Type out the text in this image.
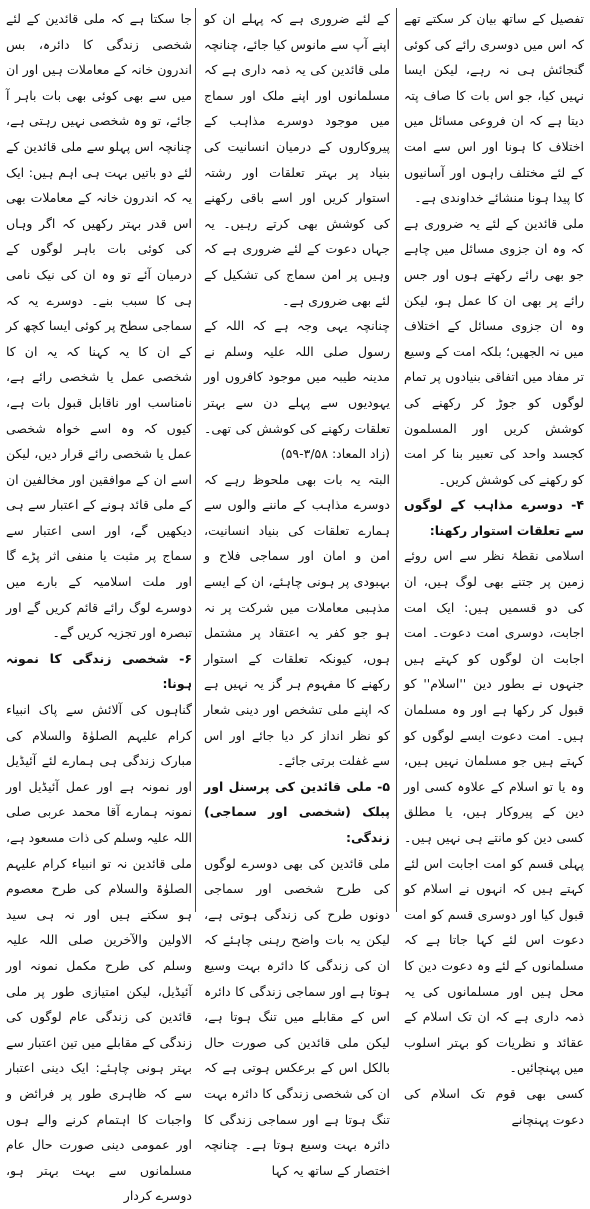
تفصیل کے ساتھ بیان کر سکتے تھے کہ اس میں دوسری رائے کی کوئی گنجائش ہی نہ رہے، لیکن ایسا نہیں کیا، جو اس بات کا صاف پتہ دیتا ہے کہ ان فروعی مسائل میں اختلاف کا ہونا اور اس سے امت کے لئے مختلف راہوں اور آسانیوں کا پیدا ہونا منشائے خداوندی ہے۔

ملی قائدین کے لئے یہ ضروری ہے کہ وہ ان جزوی مسائل میں چاہے جو بھی رائے رکھتے ہوں اور جس رائے پر بھی ان کا عمل ہو، لیکن وہ ان جزوی مسائل کے اختلاف میں نہ الجھیں؛ بلکہ امت کے وسیع تر مفاد میں اتفاقی بنیادوں پر تمام لوگوں کو جوڑ کر رکھنے کی کوشش کریں اور المسلمون کجسد واحد کی تعبیر بنا کر امت کو رکھنے کی کوشش کریں۔

۴- دوسرے مذاہب کے لوگوں سے تعلقات استوار رکھنا:

اسلامی نقطۂ نظر سے اس روئے زمین پر جتنے بھی لوگ ہیں، ان کی دو قسمیں ہیں: ایک امت اجابت، دوسری امت دعوت۔ امت اجابت ان لوگوں کو کہتے ہیں جنہوں نے بطور دین ''اسلام'' کو قبول کر رکھا ہے اور وہ مسلمان ہیں۔ امت دعوت ایسے لوگوں کو کہتے ہیں جو مسلمان نہیں ہیں، وہ یا تو اسلام کے علاوہ کسی اور دین کے پیروکار ہیں، یا مطلق کسی دین کو مانتے ہی نہیں ہیں۔ پہلی قسم کو امت اجابت اس لئے کہتے ہیں کہ انہوں نے اسلام کو قبول کیا اور دوسری قسم کو امت دعوت اس لئے کہا جاتا ہے کہ مسلمانوں کے لئے وہ دعوت دین کا محل ہیں اور مسلمانوں کی یہ ذمہ داری ہے کہ ان تک اسلام کے عقائد و نظریات کو بہتر اسلوب میں پہنچائیں۔

کسی بھی قوم تک اسلام کی دعوت پہنچانے

کے لئے ضروری ہے کہ پہلے ان کو اپنے آپ سے مانوس کیا جائے، چنانچہ ملی قائدین کی یہ ذمہ داری ہے کہ مسلمانوں اور اپنے ملک اور سماج میں موجود دوسرے مذاہب کے پیروکاروں کے درمیان انسانیت کی بنیاد پر بہتر تعلقات اور رشتہ استوار کریں اور اسے باقی رکھنے کی کوشش بھی کرتے رہیں۔ یہ جہاں دعوت کے لئے ضروری ہے کہ وہیں پر امن سماج کی تشکیل کے لئے بھی ضروری ہے۔

چنانچہ یہی وجہ ہے کہ اللہ کے رسول صلی اللہ علیہ وسلم نے مدینہ طیبہ میں موجود کافروں اور یہودیوں سے پہلے دن سے بہتر تعلقات رکھنے کی کوشش کی تھی۔ (زاد المعاد: ۳/۵۸-۵۹)

البتہ یہ بات بھی ملحوظ رہے کہ دوسرے مذاہب کے ماننے والوں سے ہمارے تعلقات کی بنیاد انسانیت، امن و امان اور سماجی فلاح و بہبودی پر ہونی چاہئے، ان کے ایسے مذہبی معاملات میں شرکت پر نہ ہو جو کفر یہ اعتقاد پر مشتمل ہوں، کیونکہ تعلقات کے استوار رکھنے کا مفہوم ہر گز یہ نہیں ہے کہ اپنے ملی تشخص اور دینی شعار کو نظر انداز کر دیا جائے اور اس سے غفلت برتی جائے۔

۵- ملی قائدین کی پرسنل اور پبلک (شخصی اور سماجی) زندگی:

ملی قائدین کی بھی دوسرے لوگوں کی طرح شخصی اور سماجی دونوں طرح کی زندگی ہوتی ہے، لیکن یہ بات واضح رہنی چاہئے کہ ان کی زندگی کا دائرہ بہت وسیع ہوتا ہے اور سماجی زندگی کا دائرہ اس کے مقابلے میں تنگ ہوتا ہے، لیکن ملی قائدین کی صورت حال بالکل اس کے برعکس ہوتی ہے کہ ان کی شخصی زندگی کا دائرہ بہت تنگ ہوتا ہے اور سماجی زندگی کا دائرہ بہت وسیع ہوتا ہے۔ چنانچہ اختصار کے ساتھ یہ کہا

جا سکتا ہے کہ ملی قائدین کے لئے شخصی زندگی کا دائرہ، بس اندرون خانہ کے معاملات ہیں اور ان میں سے بھی کوئی بھی بات باہر آ جائے، تو وہ شخصی نہیں رہتی ہے، چنانچہ اس پہلو سے ملی قائدین کے لئے دو باتیں بہت ہی اہم ہیں: ایک یہ کہ اندرون خانہ کے معاملات بھی اس قدر بہتر رکھیں کہ اگر وہاں کی کوئی بات باہر لوگوں کے درمیان آئے تو وہ ان کی نیک نامی ہی کا سبب بنے۔ دوسرے یہ کہ سماجی سطح پر کوئی ایسا کچھ کر کے ان کا یہ کہنا کہ یہ ان کا شخصی عمل یا شخصی رائے ہے، نامناسب اور ناقابل قبول بات ہے، کیوں کہ وہ اسے خواہ شخصی عمل یا شخصی رائے قرار دیں، لیکن اسے ان کے موافقین اور مخالفین ان کے ملی قائد ہونے کے اعتبار سے ہی دیکھیں گے، اور اسی اعتبار سے سماج پر مثبت یا منفی اثر پڑے گا اور ملت اسلامیہ کے بارے میں دوسرے لوگ رائے قائم کریں گے اور تبصرہ اور تجزیہ کریں گے۔

۶- شخصی زندگی کا نمونہ ہونا:

گناہوں کی آلائش سے پاک انبیاء کرام علیہم الصلوٰۃ والسلام کی مبارک زندگی ہی ہمارے لئے آئیڈیل اور نمونہ ہے اور عمل آئیڈیل اور نمونہ ہمارے آقا محمد عربی صلی اللہ علیہ وسلم کی ذات مسعود ہے، ملی قائدین نہ تو انبیاء کرام علیہم الصلوٰۃ والسلام کی طرح معصوم ہو سکتے ہیں اور نہ ہی سید الاولین والآخرین صلی اللہ علیہ وسلم کی طرح مکمل نمونہ اور آئیڈیل، لیکن امتیازی طور پر ملی قائدین کی زندگی عام لوگوں کی زندگی کے مقابلے میں تین اعتبار سے بہتر ہونی چاہئے: ایک دینی اعتبار سے کہ ظاہری طور پر فرائض و واجبات کا اہتمام کرنے والے ہوں اور عمومی دینی صورت حال عام مسلمانوں سے بہت بہتر ہو، دوسرے کردار
